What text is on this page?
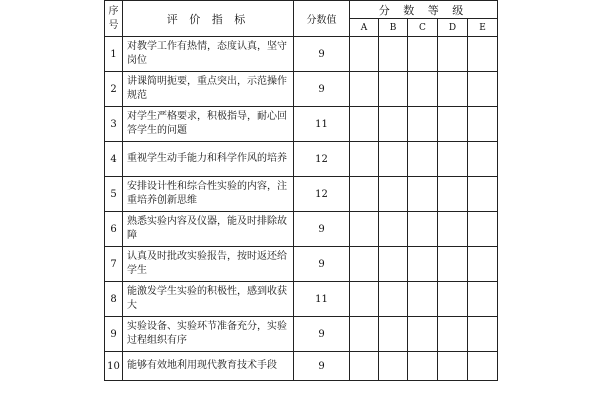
序号	评 价 指 标	分数值	分 数 等 级				
			A	B	C	D	E
1	对教学工作有热情，态度认真，坚守岗位	9					
2	讲课简明扼要，重点突出，示范操作规范	9					
3	对学生严格要求，积极指导，耐心回答学生的问题	11					
4	重视学生动手能力和科学作风的培养	12					
5	安排设计性和综合性实验的内容，注重培养创新思维	12					
6	熟悉实验内容及仪器，能及时排除故障	9					
7	认真及时批改实验报告，按时返还给学生	9					
8	能激发学生实验的积极性，感到收获大	11					
9	实验设备、实验环节准备充分，实验过程组织有序	9					
10	能够有效地利用现代教育技术手段	9					
